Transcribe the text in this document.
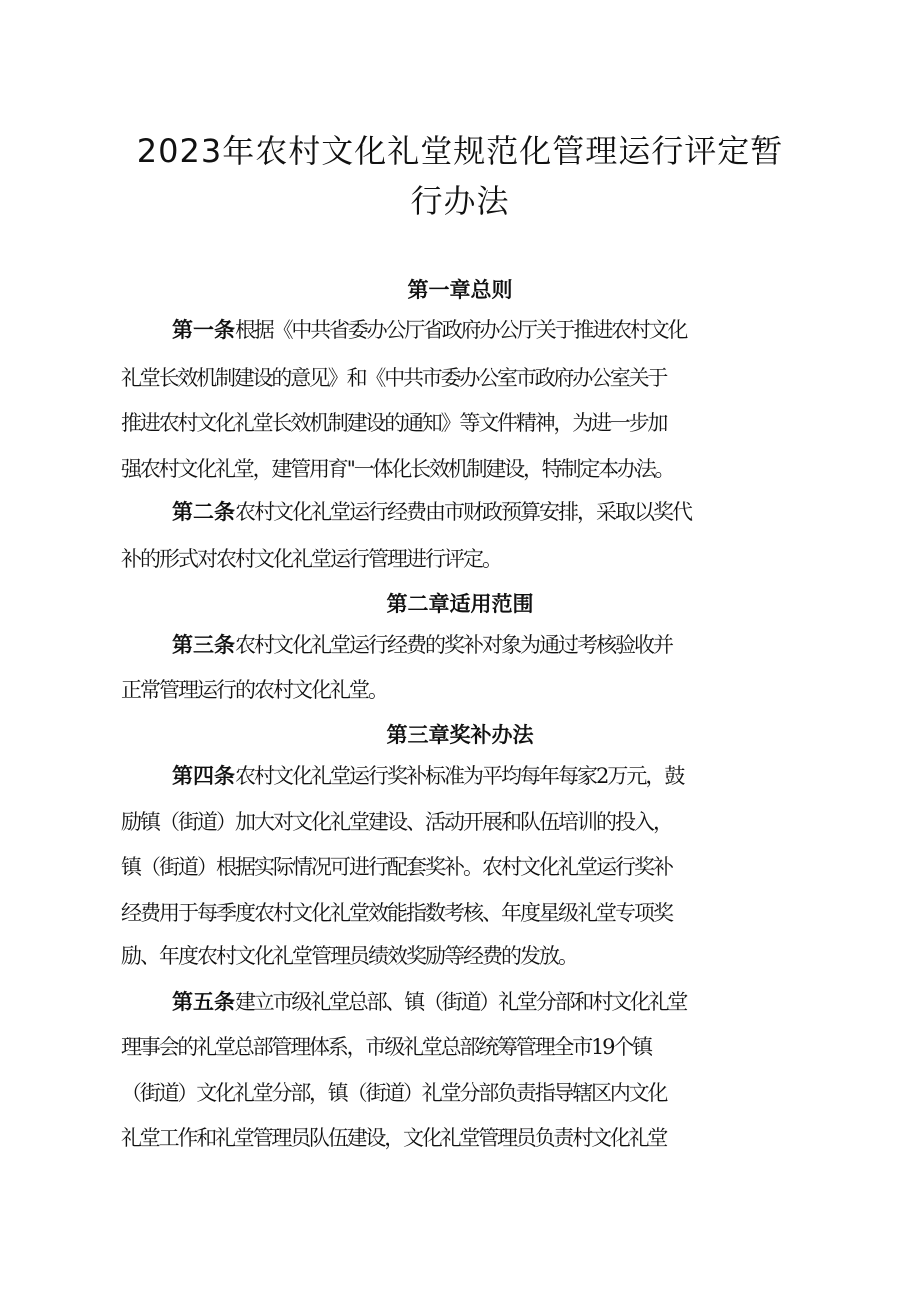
2023年农村文化礼堂规范化管理运行评定暂
行办法
第一章总则
第一条根据《中共省委办公厅省政府办公厅关于推进农村文化
礼堂长效机制建设的意见》和《中共市委办公室市政府办公室关于
推进农村文化礼堂长效机制建设的通知》等文件精神，为进一步加
强农村文化礼堂，建管用育''一体化长效机制建设，特制定本办法。
第二条农村文化礼堂运行经费由市财政预算安排，采取以奖代
补的形式对农村文化礼堂运行管理进行评定。
第二章适用范围
第三条农村文化礼堂运行经费的奖补对象为通过考核验收并
正常管理运行的农村文化礼堂。
第三章奖补办法
第四条农村文化礼堂运行奖补标准为平均每年每家2万元，鼓
励镇（街道）加大对文化礼堂建设、活动开展和队伍培训的投入，
镇（街道）根据实际情况可进行配套奖补。农村文化礼堂运行奖补
经费用于每季度农村文化礼堂效能指数考核、年度星级礼堂专项奖
励、年度农村文化礼堂管理员绩效奖励等经费的发放。
第五条建立市级礼堂总部、镇（街道）礼堂分部和村文化礼堂
理事会的礼堂总部管理体系，市级礼堂总部统筹管理全市19个镇
（街道）文化礼堂分部，镇（街道）礼堂分部负责指导辖区内文化
礼堂工作和礼堂管理员队伍建设，文化礼堂管理员负责村文化礼堂
